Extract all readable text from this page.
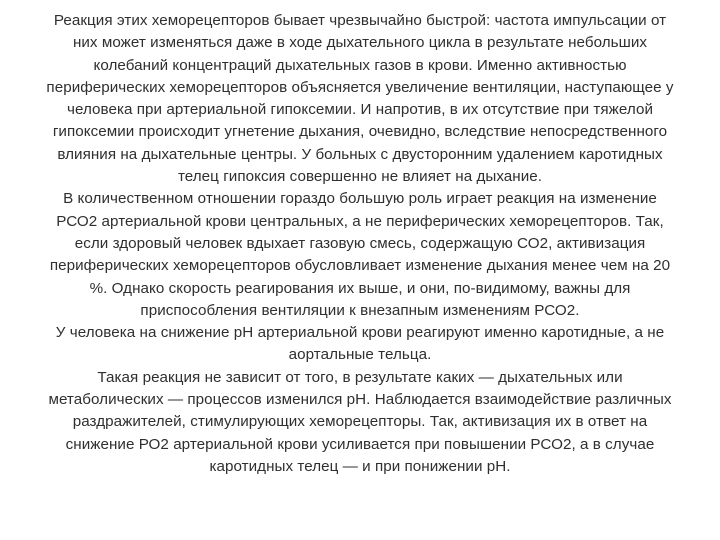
Реакция этих хеморецепторов бывает чрезвычайно быстрой: частота импульсации от
них может изменяться даже в ходе дыхательного цикла в результате небольших
колебаний концентраций дыхательных газов в крови. Именно активностью
периферических хеморецепторов объясняется увеличение вентиляции, наступающее у
человека при артериальной гипоксемии. И напротив, в их отсутствие при тяжелой
гипоксемии происходит угнетение дыхания, очевидно, вследствие непосредственного
влияния на дыхательные центры. У больных с двусторонним удалением каротидных
телец гипоксия совершенно не влияет на дыхание.
В количественном отношении гораздо большую роль играет реакция на изменение
РСО2 артериальной крови центральных, а не периферических хеморецепторов. Так,
если здоровый человек вдыхает газовую смесь, содержащую СО2, активизация
периферических хеморецепторов обусловливает изменение дыхания менее чем на 20
%. Однако скорость реагирования их выше, и они, по-видимому, важны для
приспособления вентиляции к внезапным изменениям РСО2.
У человека на снижение рН артериальной крови реагируют именно каротидные, а не
аортальные тельца.
Такая реакция не зависит от того, в результате каких — дыхательных или
метаболических — процессов изменился рН. Наблюдается взаимодействие различных
раздражителей, стимулирующих хеморецепторы. Так, активизация их в ответ на
снижение РО2 артериальной крови усиливается при повышении РСО2, а в случае
каротидных телец — и при понижении рН.
